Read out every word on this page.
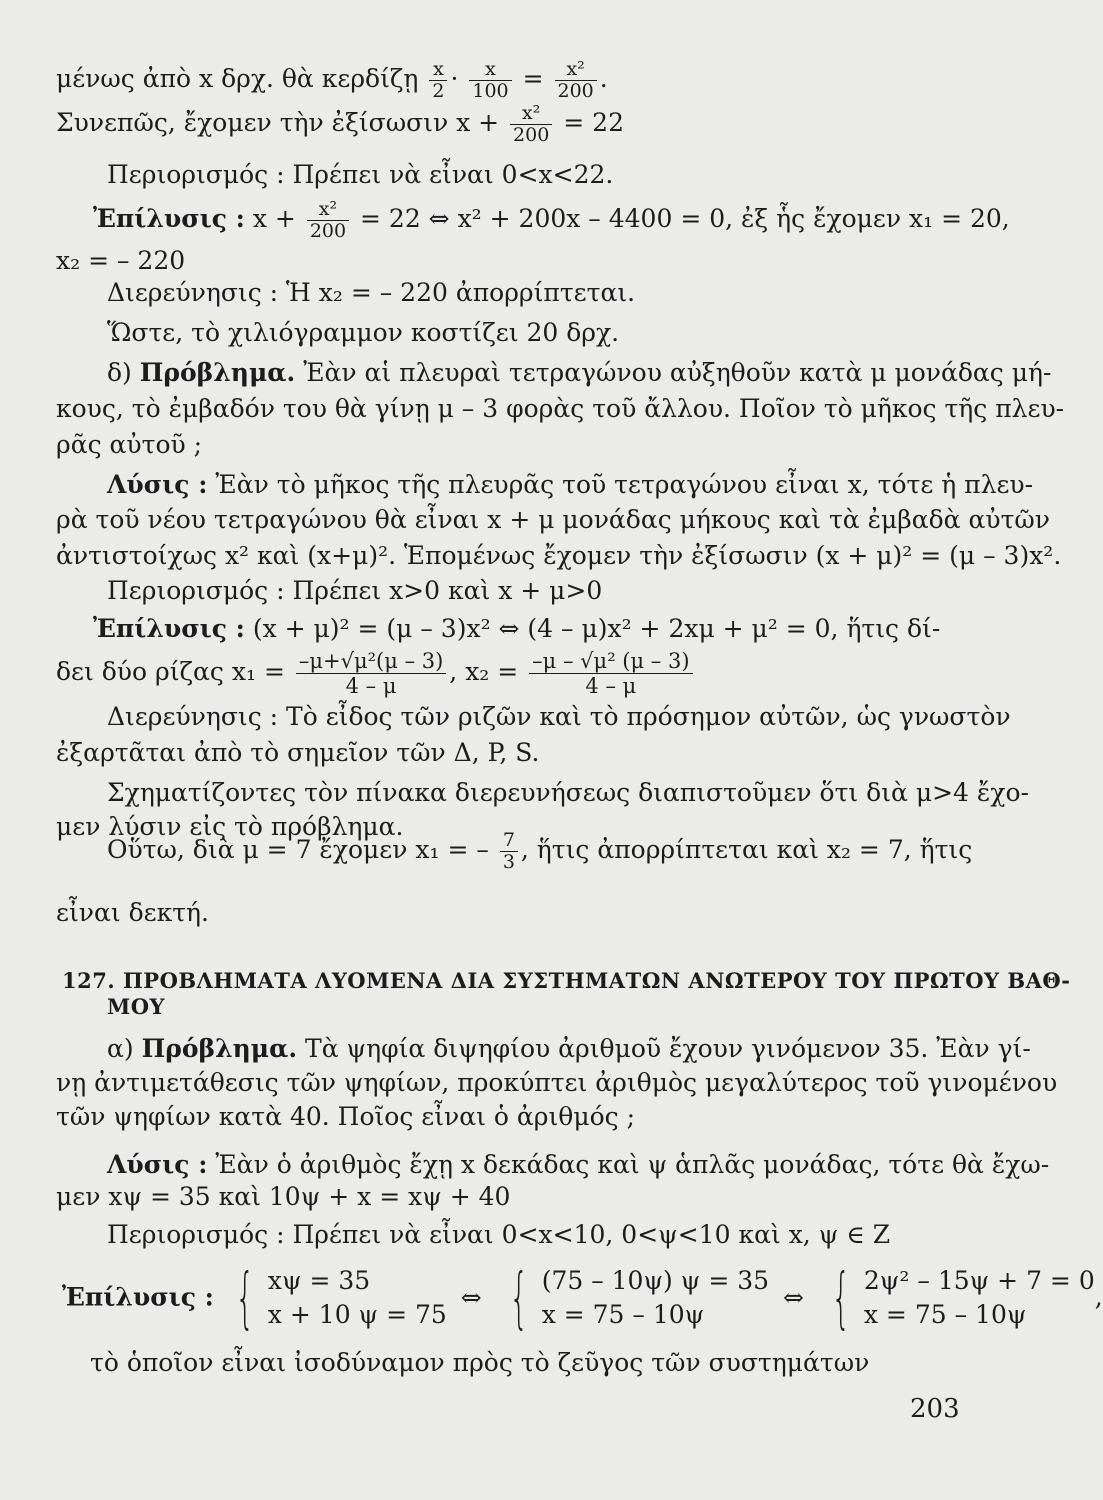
μένως ἀπὸ x δρχ. θὰ κερδίζῃ $\frac{x}{2} \cdot \frac{x}{100} = \frac{\text{x²}}{200}$ .
Συνεπῶς, ἔχομεν τὴν ἐξίσωσιν $x + \frac{\text{x²}}{200} = 22$
Περιορισμός : Πρέπει νὰ εἶναι 0<x<22.
Ἐπίλυσις : $x + \frac{\text{x²}}{200} = 22$ ⇔ x² + 200x – 4400 = 0, ἐξ ἧς ἔχομεν x₁ = 20,
x₂ = – 220
Διερεύνησις : Ἡ x₂ = – 220 ἀπορρίπτεται.
Ὥστε, τὸ χιλιόγραμμον κοστίζει 20 δρχ.
δ) Πρόβλημα. Ἐὰν αἱ πλευραὶ τετραγώνου αὐξηθοῦν κατὰ μ μονάδας μή-
κους, τὸ ἐμβαδόν του θὰ γίνῃ μ – 3 φορὰς τοῦ ἄλλου. Ποῖον τὸ μῆκος τῆς πλευ-
ρᾶς αὐτοῦ ;
Λύσις : Ἐὰν τὸ μῆκος τῆς πλευρᾶς τοῦ τετραγώνου εἶναι x, τότε ἡ πλευ-
ρὰ τοῦ νέου τετραγώνου θὰ εἶναι x + μ μονάδας μήκους καὶ τὰ ἐμβαδὰ αὐτῶν
ἀντιστοίχως x² καὶ (x+μ)². Ἑπομένως ἔχομεν τὴν ἐξίσωσιν (x + μ)² = (μ – 3)x².
Περιορισμός : Πρέπει x>0 καὶ x + μ>0
Ἐπίλυσις : (x + μ)² = (μ – 3)x² ⇔ (4 – μ)x² + 2xμ + μ² = 0, ἥτις δί-
δει δύο ρίζας $x_1 = \frac{\text{–μ+√μ²(μ – 3)}}{4 - \mu}$ , $x_2 = \frac{\text{–μ – √μ² (μ – 3)}}{4 - \mu}$
Διερεύνησις : Τὸ εἶδος τῶν ριζῶν καὶ τὸ πρόσημον αὐτῶν, ὡς γνωστὸν
ἐξαρτᾶται ἀπὸ τὸ σημεῖον τῶν Δ, P, S.
Σχηματίζοντες τὸν πίνακα διερευνήσεως διαπιστοῦμεν ὅτι διὰ μ>4 ἔχο-
μεν λύσιν εἰς τὸ πρόβλημα.
Οὕτω, διὰ μ = 7 ἔχομεν x₁ = – $\frac{7}{3}$ , ἥτις ἀπορρίπτεται καὶ x₂ = 7, ἥτις
εἶναι δεκτή.
127. ΠΡΟΒΛΗΜΑΤΑ ΛΥΟΜΕΝΑ ΔΙΑ ΣΥΣΤΗΜΑΤΩΝ ΑΝΩΤΕΡΟΥ ΤΟΥ ΠΡΩΤΟΥ ΒΑΘ-
ΜΟΥ
α) Πρόβλημα. Τὰ ψηφία διψηφίου ἀριθμοῦ ἔχουν γινόμενον 35. Ἐὰν γί-
νῃ ἀντιμετάθεσις τῶν ψηφίων, προκύπτει ἀριθμὸς μεγαλύτερος τοῦ γινομένου
τῶν ψηφίων κατὰ 40. Ποῖος εἶναι ὁ ἀριθμός ;
Λύσις : Ἐὰν ὁ ἀριθμὸς ἔχῃ x δεκάδας καὶ ψ ἁπλᾶς μονάδας, τότε θὰ ἔχω-
μεν xψ = 35 καὶ 10ψ + x = xψ + 40
Περιορισμός : Πρέπει νὰ εἶναι 0<x<10, 0<ψ<10 καὶ x, ψ ∈ Z
Ἐπίλυσις : { xψ = 35
x + 10 ψ = 75
⇔ { (75 – 10ψ) ψ = 35
x = 75 – 10ψ
⇔ { 2ψ² – 15ψ + 7 = 0
x = 75 – 10ψ
,
τὸ ὁποῖον εἶναι ἰσοδύναμον πρὸς τὸ ζεῦγος τῶν συστημάτων
203
